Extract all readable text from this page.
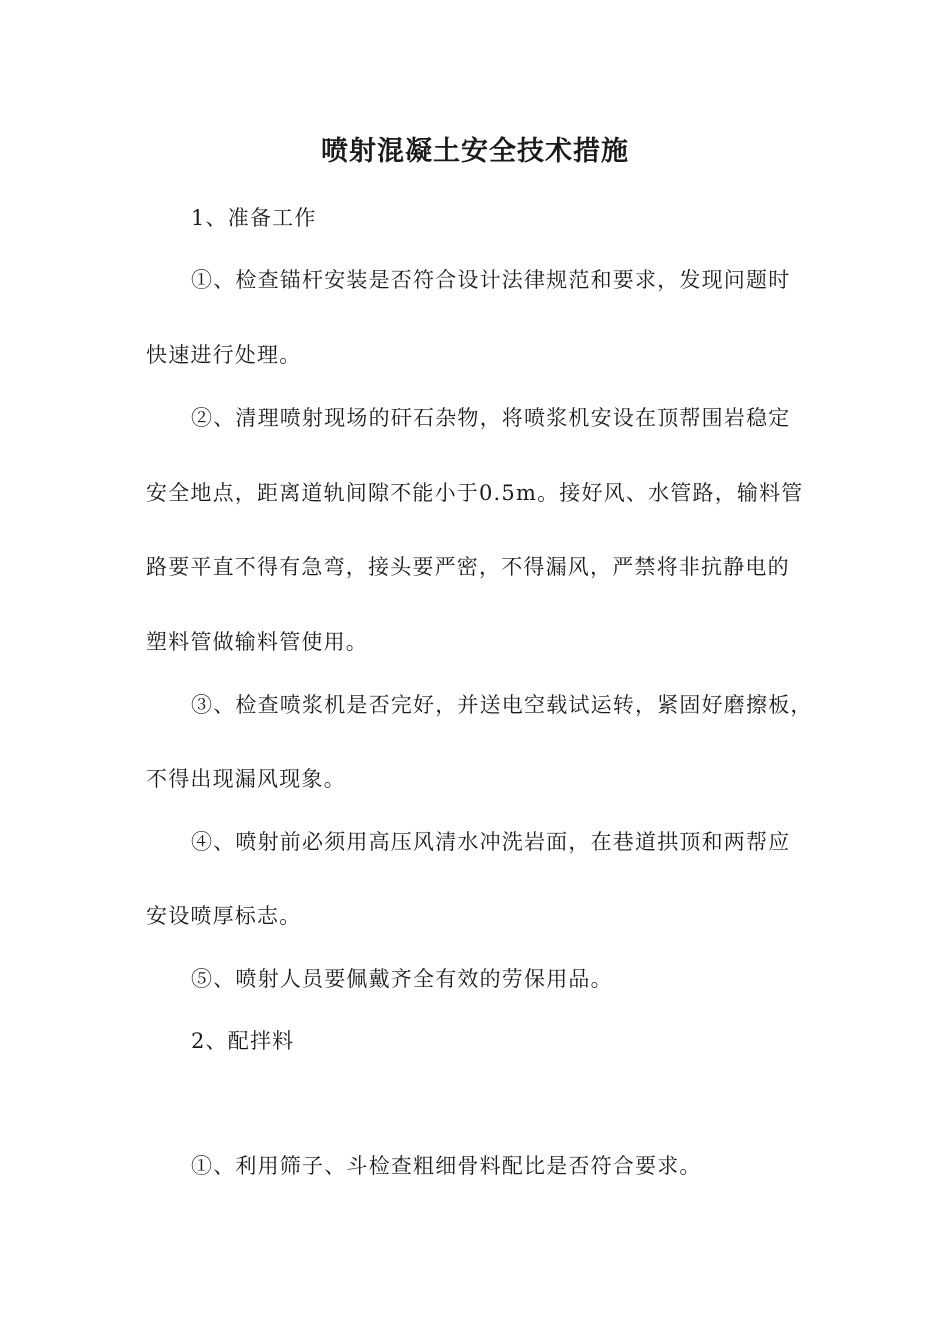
喷射混凝土安全技术措施

1、准备工作

①、检查锚杆安装是否符合设计法律规范和要求，发现问题时

快速进行处理。

②、清理喷射现场的矸石杂物，将喷浆机安设在顶帮围岩稳定

安全地点，距离道轨间隙不能小于0.5m。接好风、水管路，输料管

路要平直不得有急弯，接头要严密，不得漏风，严禁将非抗静电的

塑料管做输料管使用。

③、检查喷浆机是否完好，并送电空载试运转，紧固好磨擦板，

不得出现漏风现象。

④、喷射前必须用高压风清水冲洗岩面，在巷道拱顶和两帮应

安设喷厚标志。

⑤、喷射人员要佩戴齐全有效的劳保用品。

2、配拌料

①、利用筛子、斗检查粗细骨料配比是否符合要求。
